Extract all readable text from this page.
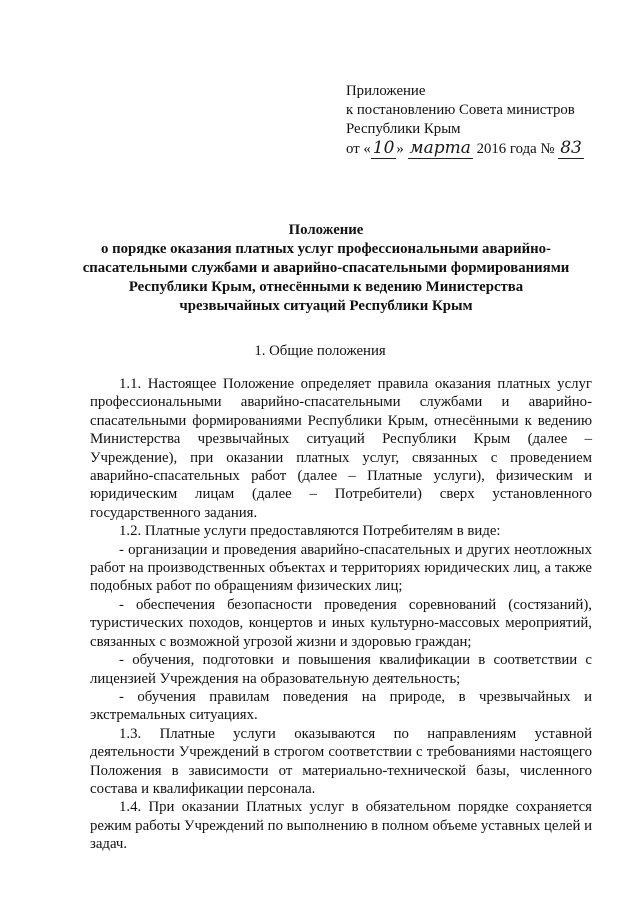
Приложение
к постановлению Совета министров
Республики Крым
от « 10 » марта 2016 года № 83
Положение
о порядке оказания платных услуг профессиональными аварийно-
спасательными службами и аварийно-спасательными формированиями
Республики Крым, отнесёнными к ведению Министерства
чрезвычайных ситуаций Республики Крым
1. Общие положения

1.1. Настоящее Положение определяет правила оказания платных услуг профессиональными аварийно-спасательными службами и аварийно-спасательными формированиями Республики Крым, отнесёнными к ведению Министерства чрезвычайных ситуаций Республики Крым (далее – Учреждение), при оказании платных услуг, связанных с проведением аварийно-спасательных работ (далее – Платные услуги), физическим и юридическим лицам (далее – Потребители) сверх установленного государственного задания.

1.2. Платные услуги предоставляются Потребителям в виде:

- организации и проведения аварийно-спасательных и других неотложных работ на производственных объектах и территориях юридических лиц, а также подобных работ по обращениям физических лиц;

- обеспечения безопасности проведения соревнований (состязаний), туристических походов, концертов и иных культурно-массовых мероприятий, связанных с возможной угрозой жизни и здоровью граждан;

- обучения, подготовки и повышения квалификации в соответствии с лицензией Учреждения на образовательную деятельность;

- обучения правилам поведения на природе, в чрезвычайных и экстремальных ситуациях.

1.3. Платные услуги оказываются по направлениям уставной деятельности Учреждений в строгом соответствии с требованиями настоящего Положения в зависимости от материально-технической базы, численного состава и квалификации персонала.

1.4. При оказании Платных услуг в обязательном порядке сохраняется режим работы Учреждений по выполнению в полном объеме уставных целей и задач.
